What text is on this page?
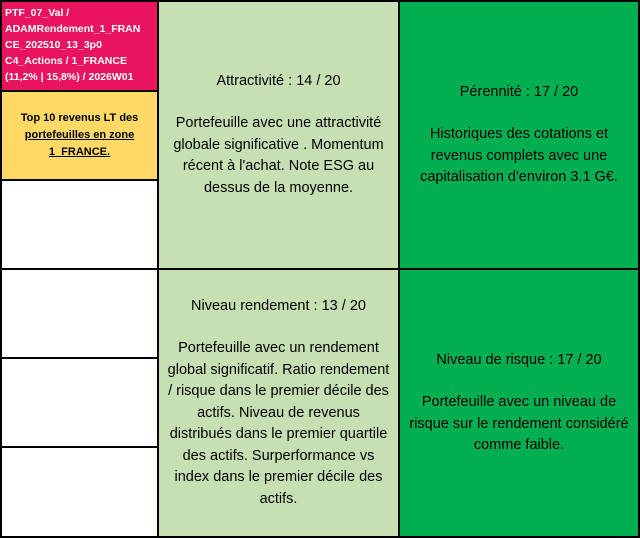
PTF_07_Val /
ADAMRendement_1_FRAN
CE_202510_13_3p0
C4_Actions / 1_FRANCE
(11,2% | 15,8%) / 2026W01
Top 10 revenus LT des
portefeuilles en zone
1_FRANCE.
Attractivité : 14 / 20
Portefeuille avec une attractivité globale significative . Momentum récent à l'achat. Note ESG au dessus de la moyenne.
Pérennité : 17 / 20
Historiques des cotations et revenus complets avec une capitalisation d'environ 3.1 G€.
Niveau rendement : 13 / 20
Portefeuille avec un rendement global significatif. Ratio rendement / risque dans le premier décile des actifs. Niveau de revenus distribués dans le premier quartile des actifs. Surperformance vs index dans le premier décile des actifs.
Niveau de risque : 17 / 20
Portefeuille avec un niveau de risque sur le rendement considéré comme faible.
